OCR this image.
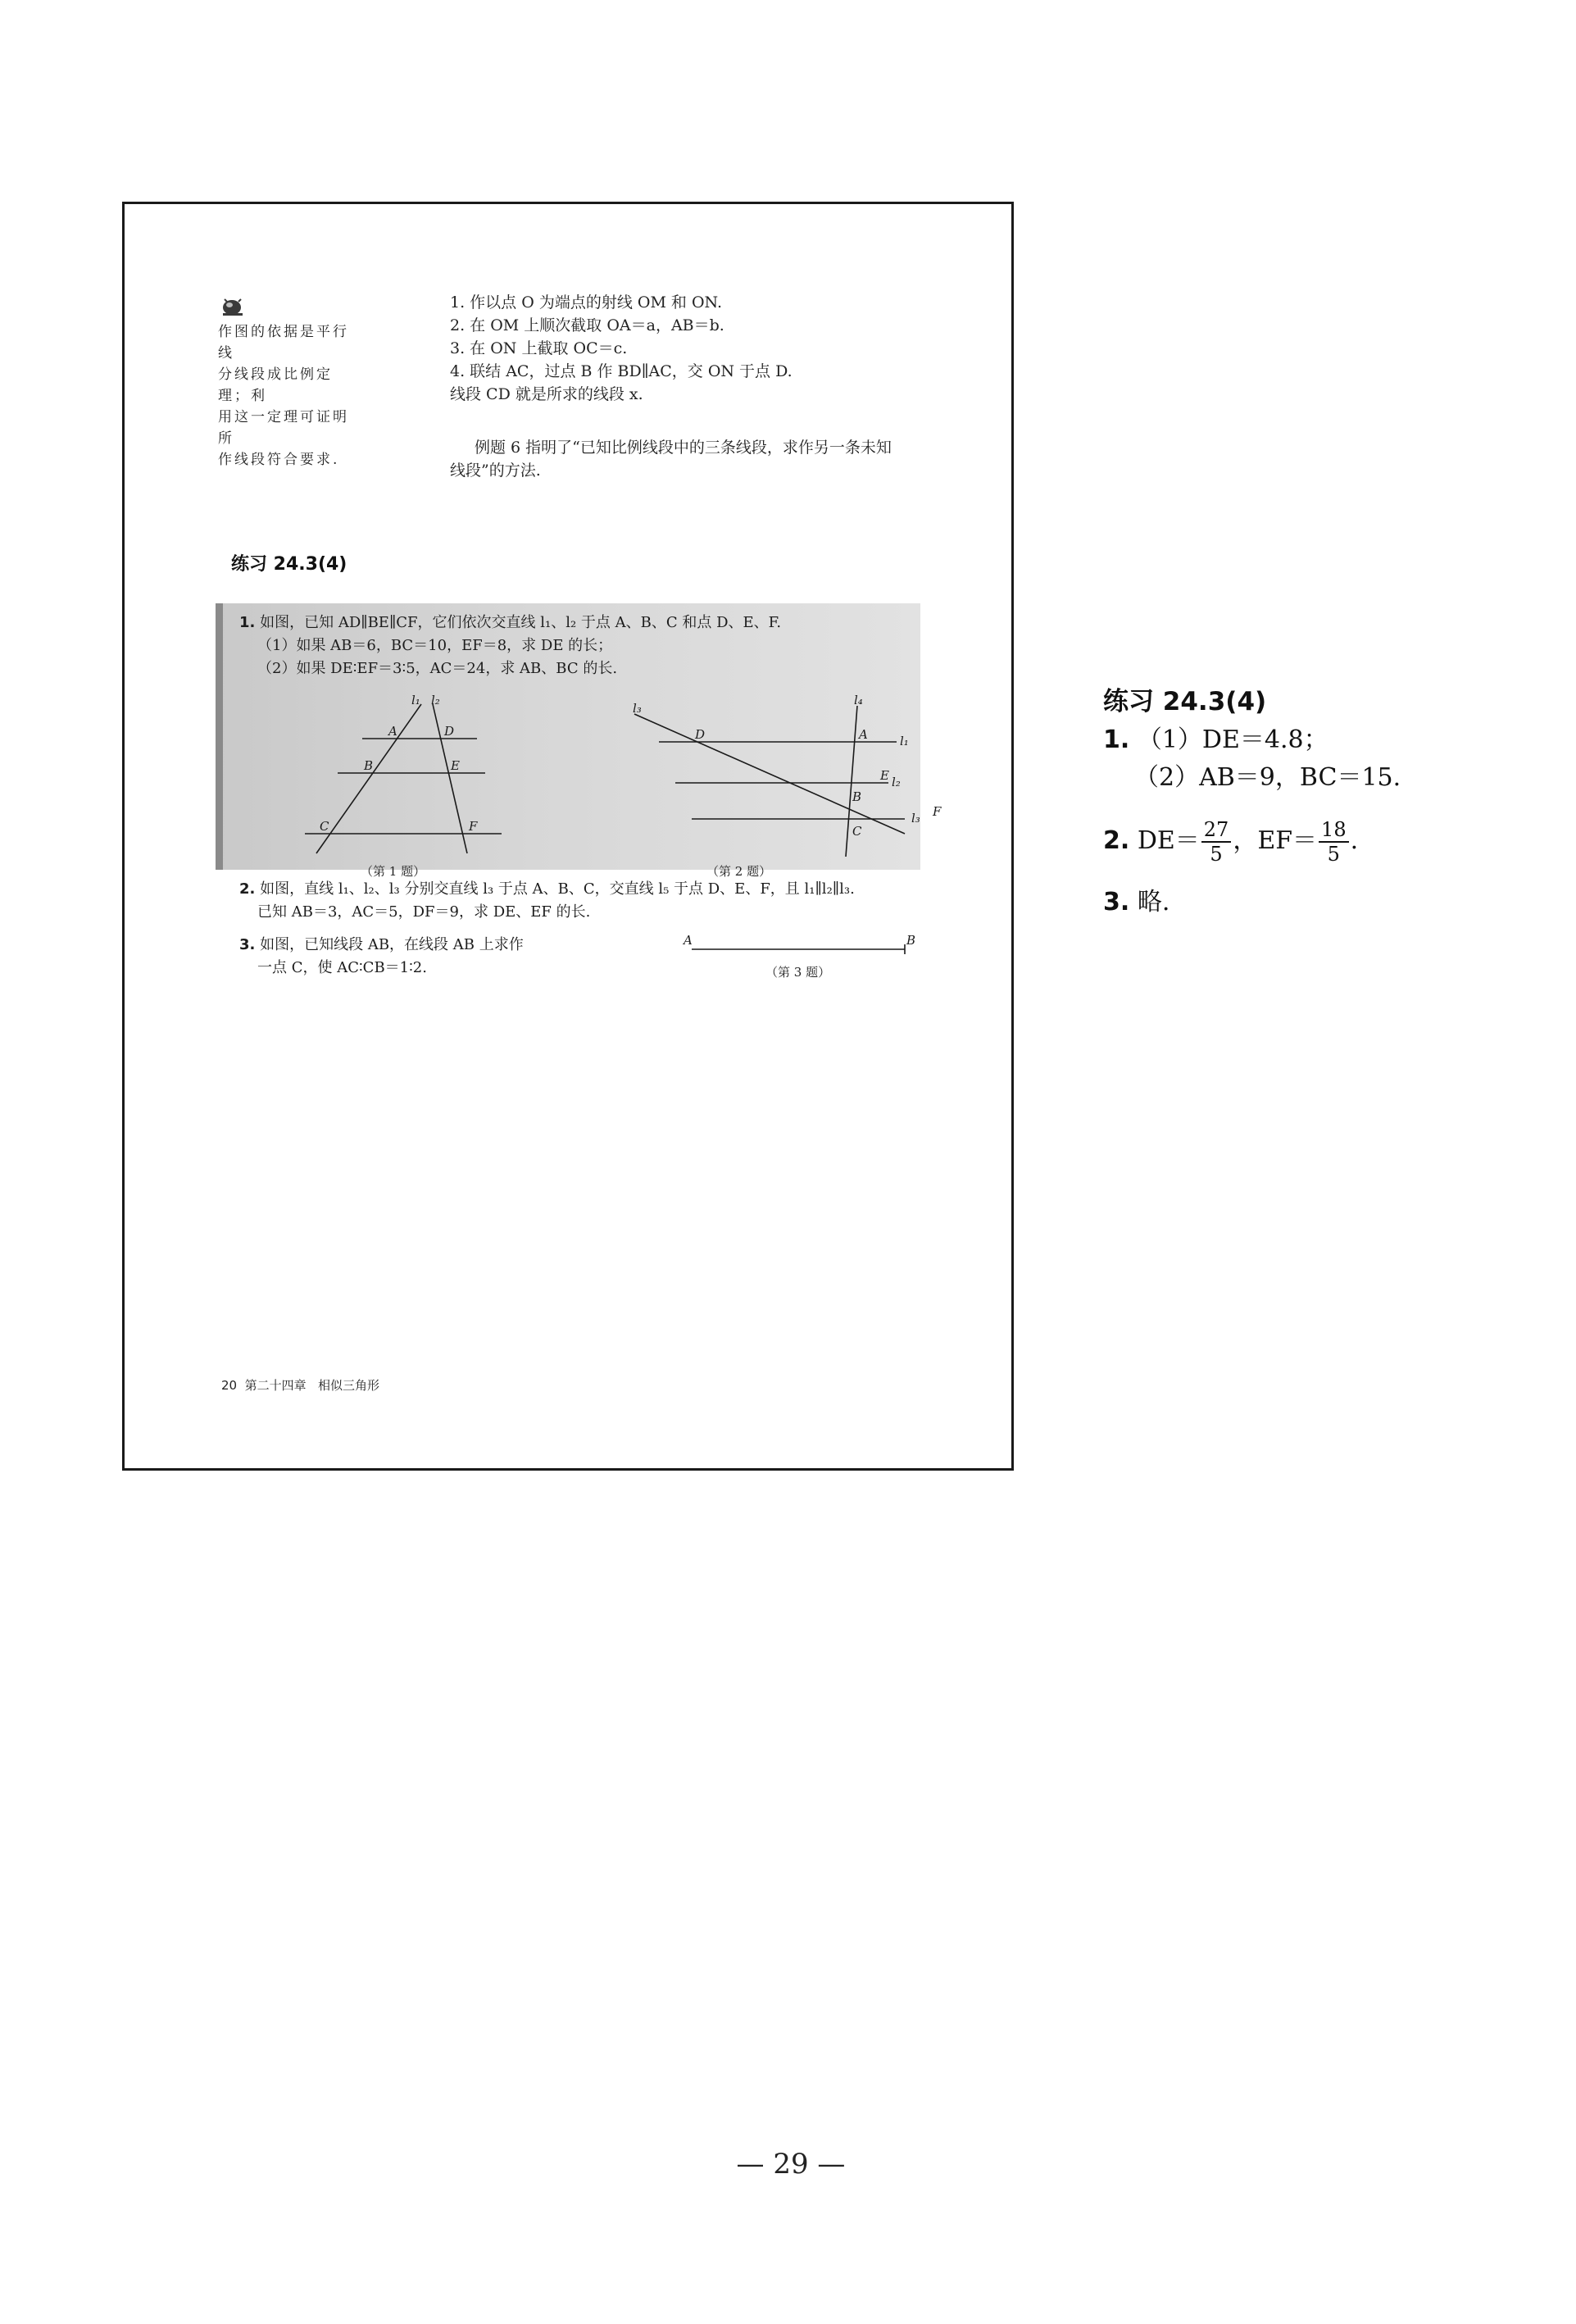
作图的依据是平行线
分线段成比例定理；利
用这一定理可证明所
作线段符合要求.

1. 作以点 O 为端点的射线 OM 和 ON.

2. 在 OM 上顺次截取 OA＝a，AB＝b.

3. 在 ON 上截取 OC＝c.

4. 联结 AC，过点 B 作 BD∥AC，交 ON 于点 D.

线段 CD 就是所求的线段 x.

例题 6 指明了“已知比例线段中的三条线段，求作另一条未知

线段”的方法.

练习 24.3(4)

1. 如图，已知 AD∥BE∥CF，它们依次交直线 l₁、l₂ 于点 A、B、C 和点 D、E、F.

（1）如果 AB＝6，BC＝10，EF＝8，求 DE 的长；

（2）如果 DE∶EF＝3∶5，AC＝24，求 AB、BC 的长.

l₁ l₂
A
B
C
D
E
F
（第 1 题）
l₃
l₄
l₁
l₂
l₃
A
B
C
D
E
F
（第 2 题）

2. 如图，直线 l₁、l₂、l₃ 分别交直线 l₃ 于点 A、B、C，交直线 l₅ 于点 D、E、F，且 l₁∥l₂∥l₃.

已知 AB＝3，AC＝5，DF＝9，求 DE、EF 的长.

3. 如图，已知线段 AB，在线段 AB 上求作

一点 C，使 AC∶CB＝1∶2.

A	B
（第 3 题）
20 第二十四章 相似三角形
练习 24.3(4)
1. （1）DE＝4.8；
（2）AB＝9，BC＝15.
2. $DE= \frac{27}{5}$ ，$EF= \frac{18}{5}$ .
3. 略.
— 29 —
